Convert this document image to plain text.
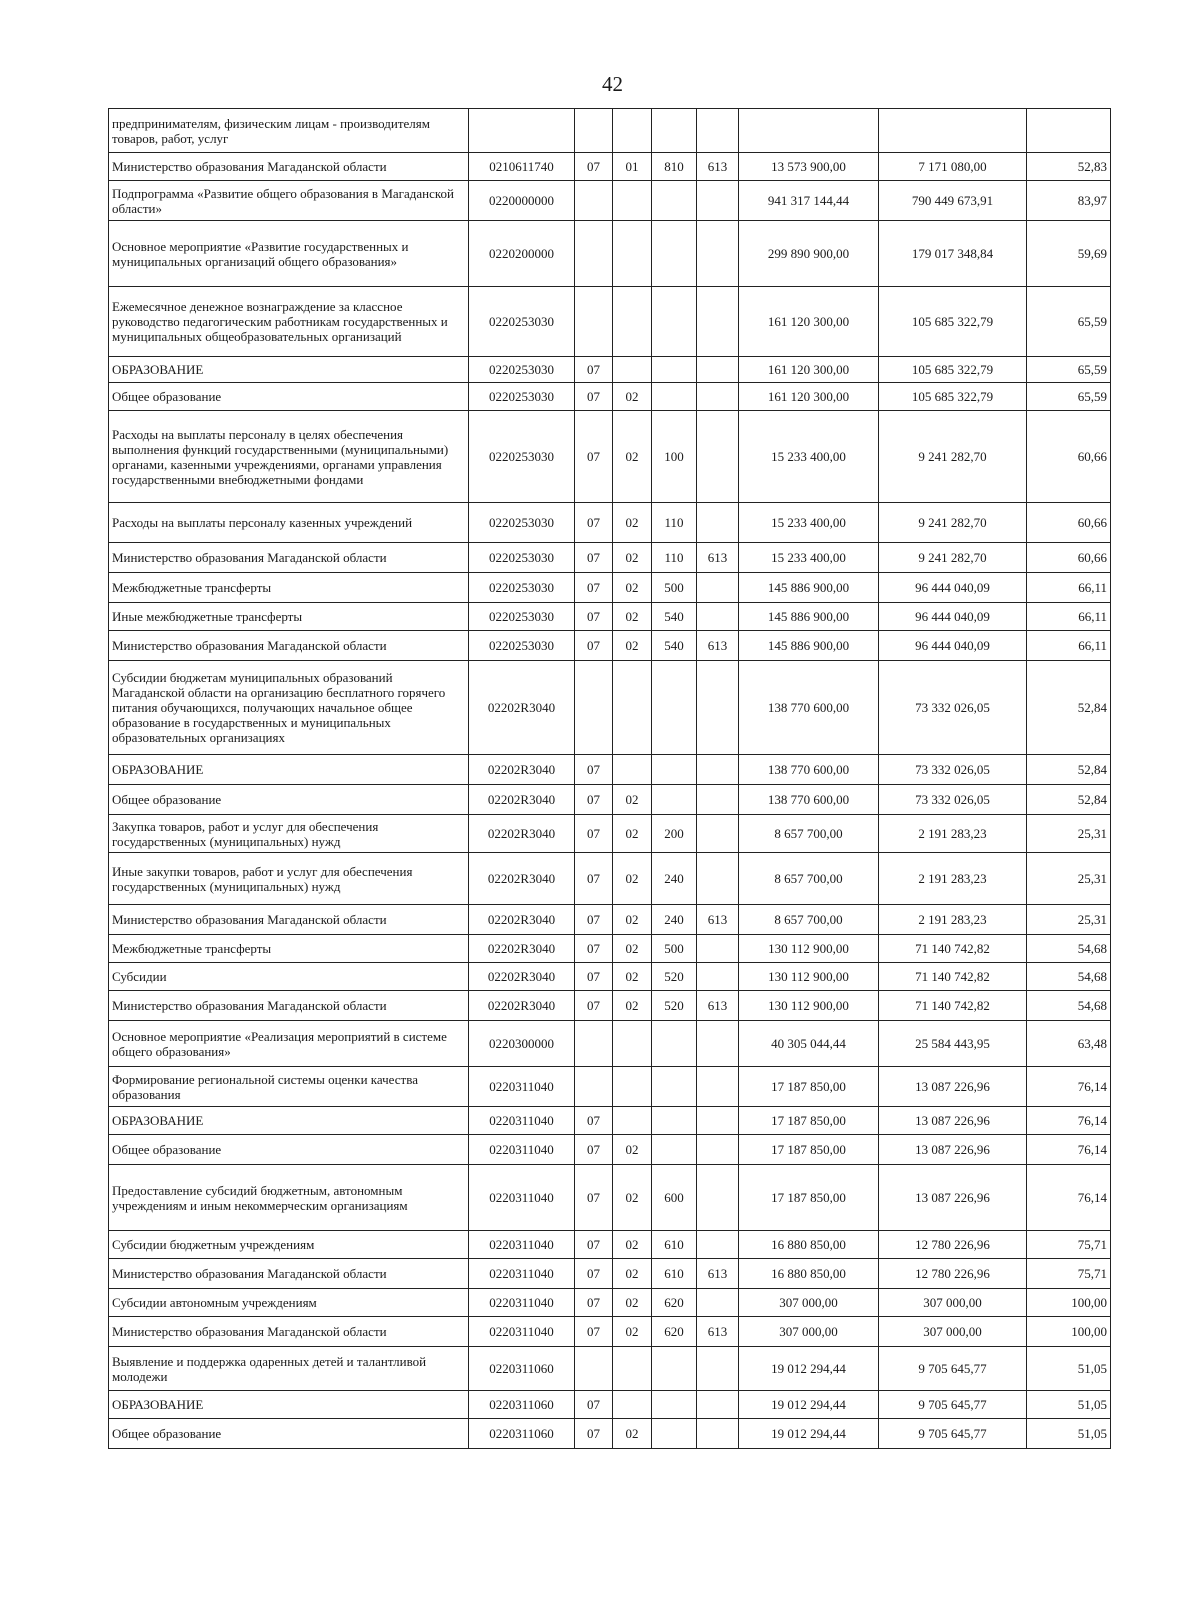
42
предпринимателям, физическим лицам - производителям товаров, работ, услуг								
Министерство образования Магаданской области	0210611740	07	01	810	613	13 573 900,00	7 171 080,00	52,83
Подпрограмма «Развитие общего образования в Магаданской области»	0220000000					941 317 144,44	790 449 673,91	83,97
Основное мероприятие «Развитие государственных и муниципальных организаций общего образования»	0220200000					299 890 900,00	179 017 348,84	59,69
Ежемесячное денежное вознаграждение за классное руководство педагогическим работникам государственных и муниципальных общеобразовательных организаций	0220253030					161 120 300,00	105 685 322,79	65,59
ОБРАЗОВАНИЕ	0220253030	07				161 120 300,00	105 685 322,79	65,59
Общее образование	0220253030	07	02			161 120 300,00	105 685 322,79	65,59
Расходы на выплаты персоналу в целях обеспечения выполнения функций государственными (муниципальными) органами, казенными учреждениями, органами управления государственными внебюджетными фондами	0220253030	07	02	100		15 233 400,00	9 241 282,70	60,66
Расходы на выплаты персоналу казенных учреждений	0220253030	07	02	110		15 233 400,00	9 241 282,70	60,66
Министерство образования Магаданской области	0220253030	07	02	110	613	15 233 400,00	9 241 282,70	60,66
Межбюджетные трансферты	0220253030	07	02	500		145 886 900,00	96 444 040,09	66,11
Иные межбюджетные трансферты	0220253030	07	02	540		145 886 900,00	96 444 040,09	66,11
Министерство образования Магаданской области	0220253030	07	02	540	613	145 886 900,00	96 444 040,09	66,11
Субсидии бюджетам муниципальных образований Магаданской области на организацию бесплатного горячего питания обучающихся, получающих начальное общее образование в государственных и муниципальных образовательных организациях	02202R3040					138 770 600,00	73 332 026,05	52,84
ОБРАЗОВАНИЕ	02202R3040	07				138 770 600,00	73 332 026,05	52,84
Общее образование	02202R3040	07	02			138 770 600,00	73 332 026,05	52,84
Закупка товаров, работ и услуг для обеспечения государственных (муниципальных) нужд	02202R3040	07	02	200		8 657 700,00	2 191 283,23	25,31
Иные закупки товаров, работ и услуг для обеспечения государственных (муниципальных) нужд	02202R3040	07	02	240		8 657 700,00	2 191 283,23	25,31
Министерство образования Магаданской области	02202R3040	07	02	240	613	8 657 700,00	2 191 283,23	25,31
Межбюджетные трансферты	02202R3040	07	02	500		130 112 900,00	71 140 742,82	54,68
Субсидии	02202R3040	07	02	520		130 112 900,00	71 140 742,82	54,68
Министерство образования Магаданской области	02202R3040	07	02	520	613	130 112 900,00	71 140 742,82	54,68
Основное мероприятие «Реализация мероприятий в системе общего образования»	0220300000					40 305 044,44	25 584 443,95	63,48
Формирование региональной системы оценки качества образования	0220311040					17 187 850,00	13 087 226,96	76,14
ОБРАЗОВАНИЕ	0220311040	07				17 187 850,00	13 087 226,96	76,14
Общее образование	0220311040	07	02			17 187 850,00	13 087 226,96	76,14
Предоставление субсидий бюджетным, автономным учреждениям и иным некоммерческим организациям	0220311040	07	02	600		17 187 850,00	13 087 226,96	76,14
Субсидии бюджетным учреждениям	0220311040	07	02	610		16 880 850,00	12 780 226,96	75,71
Министерство образования Магаданской области	0220311040	07	02	610	613	16 880 850,00	12 780 226,96	75,71
Субсидии автономным учреждениям	0220311040	07	02	620		307 000,00	307 000,00	100,00
Министерство образования Магаданской области	0220311040	07	02	620	613	307 000,00	307 000,00	100,00
Выявление и поддержка одаренных детей и талантливой молодежи	0220311060					19 012 294,44	9 705 645,77	51,05
ОБРАЗОВАНИЕ	0220311060	07				19 012 294,44	9 705 645,77	51,05
Общее образование	0220311060	07	02			19 012 294,44	9 705 645,77	51,05
